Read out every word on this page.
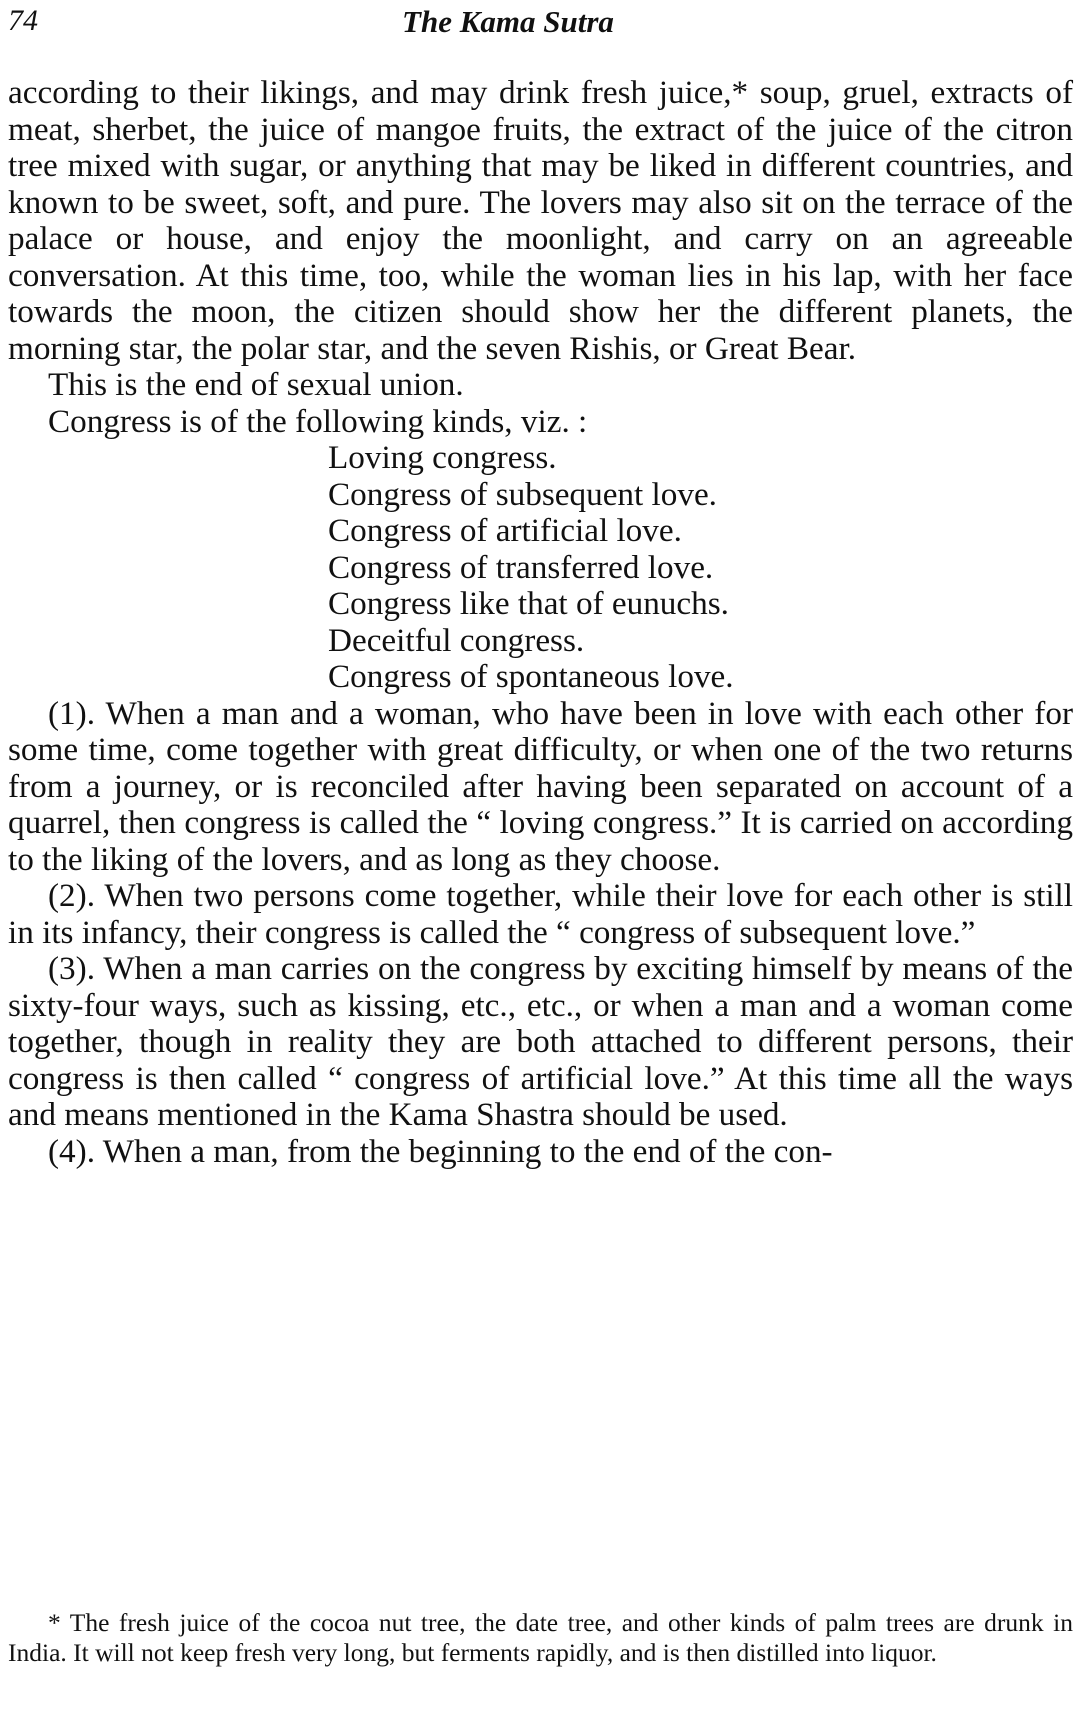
The Kama Sutra
74

according to their likings, and may drink fresh juice,* soup, gruel, extracts of meat, sherbet, the juice of mangoe fruits, the extract of the juice of the citron tree mixed with sugar, or anything that may be liked in different countries, and known to be sweet, soft, and pure. The lovers may also sit on the terrace of the palace or house, and enjoy the moonlight, and carry on an agreeable conversation. At this time, too, while the woman lies in his lap, with her face towards the moon, the citizen should show her the different planets, the morning star, the polar star, and the seven Rishis, or Great Bear.

This is the end of sexual union.

Congress is of the following kinds, viz. :

Loving congress.

Congress of subsequent love.

Congress of artificial love.

Congress of transferred love.

Congress like that of eunuchs.

Deceitful congress.

Congress of spontaneous love.

(1). When a man and a woman, who have been in love with each other for some time, come together with great difficulty, or when one of the two returns from a journey, or is reconciled after having been separated on account of a quarrel, then congress is called the “ loving congress.” It is carried on according to the liking of the lovers, and as long as they choose.

(2). When two persons come together, while their love for each other is still in its infancy, their congress is called the “ congress of subsequent love.”

(3). When a man carries on the congress by exciting himself by means of the sixty-four ways, such as kissing, etc., etc., or when a man and a woman come together, though in reality they are both attached to different persons, their congress is then called “ congress of artificial love.” At this time all the ways and means mentioned in the Kama Shastra should be used.

(4). When a man, from the beginning to the end of the con-

* The fresh juice of the cocoa nut tree, the date tree, and other kinds of palm trees are drunk in India. It will not keep fresh very long, but ferments rapidly, and is then distilled into liquor.
